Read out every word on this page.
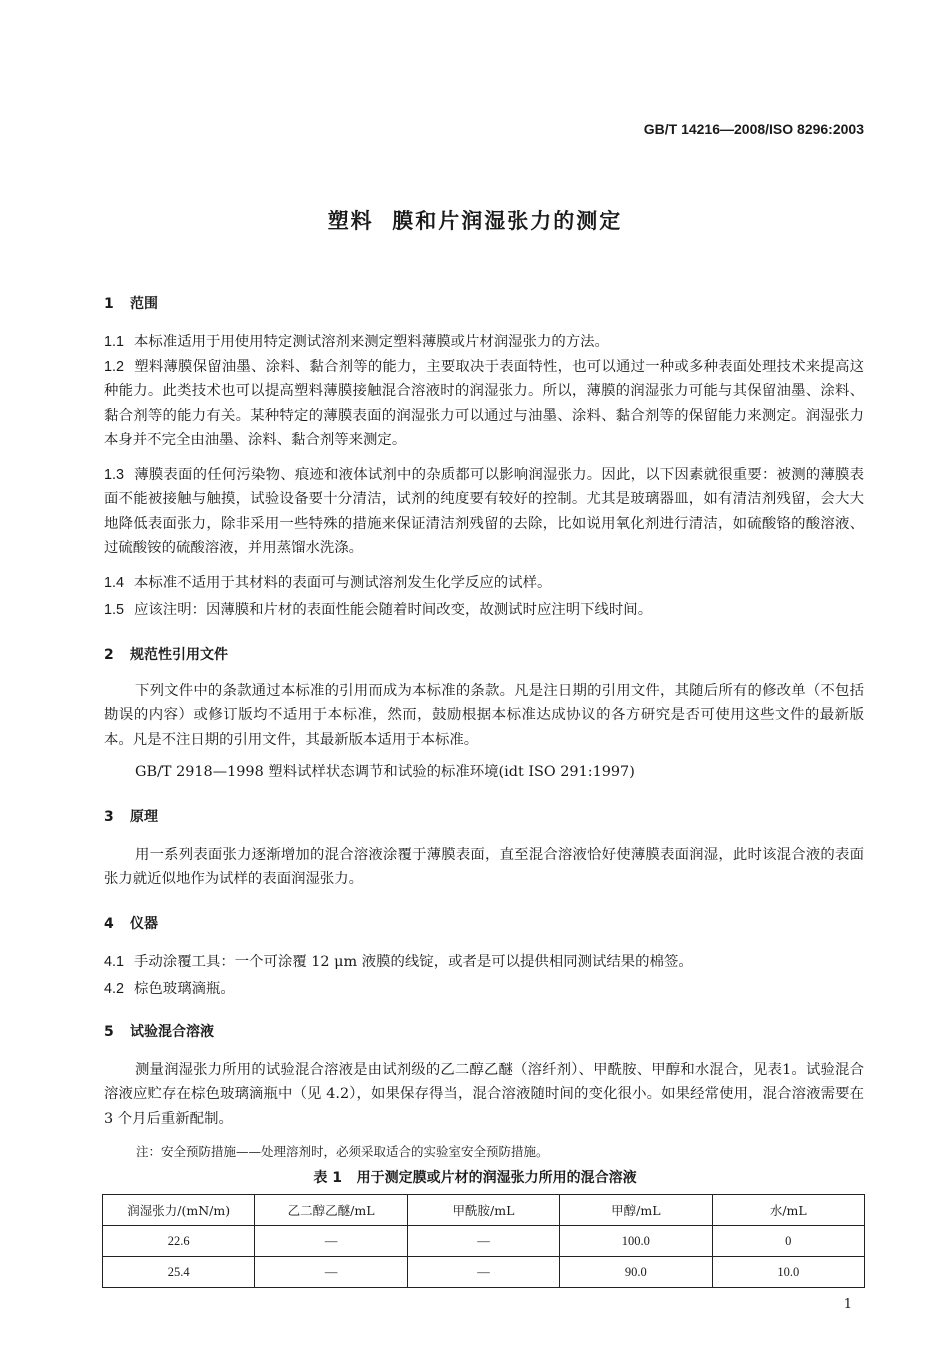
GB/T 14216—2008/ISO 8296:2003
塑料  膜和片润湿张力的测定
1 范围
1.1 本标准适用于用使用特定测试溶剂来测定塑料薄膜或片材润湿张力的方法。
1.2 塑料薄膜保留油墨、涂料、黏合剂等的能力，主要取决于表面特性，也可以通过一种或多种表面处理技术来提高这种能力。此类技术也可以提高塑料薄膜接触混合溶液时的润湿张力。所以，薄膜的润湿张力可能与其保留油墨、涂料、黏合剂等的能力有关。某种特定的薄膜表面的润湿张力可以通过与油墨、涂料、黏合剂等的保留能力来测定。润湿张力本身并不完全由油墨、涂料、黏合剂等来测定。
1.3 薄膜表面的任何污染物、痕迹和液体试剂中的杂质都可以影响润湿张力。因此，以下因素就很重要：被测的薄膜表面不能被接触与触摸，试验设备要十分清洁，试剂的纯度要有较好的控制。尤其是玻璃器皿，如有清洁剂残留，会大大地降低表面张力，除非采用一些特殊的措施来保证清洁剂残留的去除，比如说用氧化剂进行清洁，如硫酸铬的酸溶液、过硫酸铵的硫酸溶液，并用蒸馏水洗涤。
1.4 本标准不适用于其材料的表面可与测试溶剂发生化学反应的试样。
1.5 应该注明：因薄膜和片材的表面性能会随着时间改变，故测试时应注明下线时间。
2 规范性引用文件
下列文件中的条款通过本标准的引用而成为本标准的条款。凡是注日期的引用文件，其随后所有的修改单（不包括勘误的内容）或修订版均不适用于本标准，然而，鼓励根据本标准达成协议的各方研究是否可使用这些文件的最新版本。凡是不注日期的引用文件，其最新版本适用于本标准。
GB/T 2918—1998 塑料试样状态调节和试验的标准环境(idt ISO 291:1997)
3 原理
用一系列表面张力逐渐增加的混合溶液涂覆于薄膜表面，直至混合溶液恰好使薄膜表面润湿，此时该混合液的表面张力就近似地作为试样的表面润湿张力。
4 仪器
4.1 手动涂覆工具：一个可涂覆 12 μm 液膜的线锭，或者是可以提供相同测试结果的棉签。
4.2 棕色玻璃滴瓶。
5 试验混合溶液
测量润湿张力所用的试验混合溶液是由试剂级的乙二醇乙醚（溶纤剂）、甲酰胺、甲醇和水混合，见表1。试验混合溶液应贮存在棕色玻璃滴瓶中（见 4.2），如果保存得当，混合溶液随时间的变化很小。如果经常使用，混合溶液需要在 3 个月后重新配制。
注：安全预防措施——处理溶剂时，必须采取适合的实验室安全预防措施。
表 1   用于测定膜或片材的润湿张力所用的混合溶液
润湿张力/(mN/m)	乙二醇乙醚/mL	甲酰胺/mL	甲醇/mL	水/mL
22.6	—	—	100.0	0
25.4	—	—	90.0	10.0
1
